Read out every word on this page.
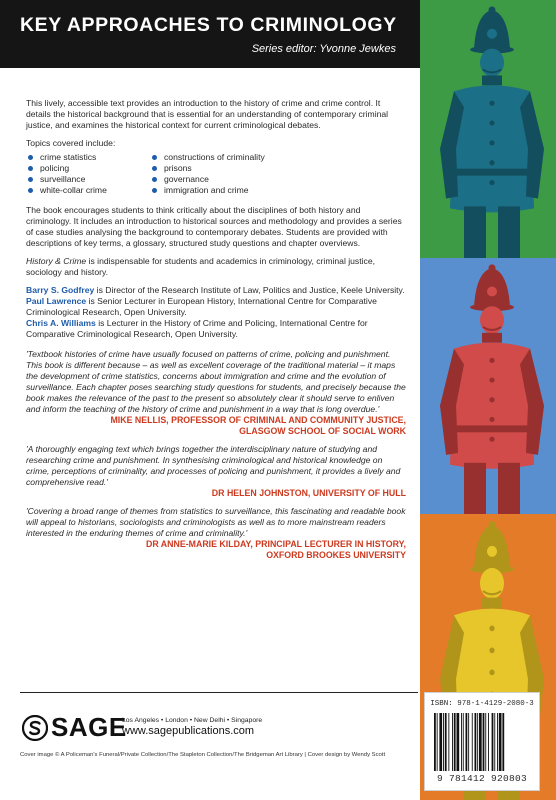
KEY APPROACHES TO CRIMINOLOGY
Series editor: Yvonne Jewkes

This lively, accessible text provides an introduction to the history of crime and crime control. It details the historical background that is essential for an understanding of contemporary criminal justice, and examines the historical context for current criminological debates.

Topics covered include:

crime statistics
policing
surveillance
white-collar crime
constructions of criminality
prisons
governance
immigration and crime

The book encourages students to think critically about the disciplines of both history and criminology. It includes an introduction to historical sources and methodology and provides a series of case studies analysing the background to contemporary debates. Students are provided with descriptions of key terms, a glossary, structured study questions and chapter overviews.

History & Crime is indispensable for students and academics in criminology, criminal justice, sociology and history.

Barry S. Godfrey is Director of the Research Institute of Law, Politics and Justice, Keele University.

Paul Lawrence is Senior Lecturer in European History, International Centre for Comparative Criminological Research, Open University.

Chris A. Williams is Lecturer in the History of Crime and Policing, International Centre for Comparative Criminological Research, Open University.

'Textbook histories of crime have usually focused on patterns of crime, policing and punishment. This book is different because – as well as excellent coverage of the traditional material – it maps the development of crime statistics, concerns about immigration and crime and the evolution of surveillance. Each chapter poses searching study questions for students, and precisely because the book makes the relevance of the past to the present so absolutely clear it should serve to enliven and inform the teaching of the history of crime and punishment in a way that is long overdue.'

MIKE NELLIS, PROFESSOR OF CRIMINAL AND COMMUNITY JUSTICE,
GLASGOW SCHOOL OF SOCIAL WORK

'A thoroughly engaging text which brings together the interdisciplinary nature of studying and researching crime and punishment. In synthesising criminological and historical knowledge on crime, perceptions of criminality, and processes of policing and punishment, it provides a lively and comprehensive read.'

DR HELEN JOHNSTON, UNIVERSITY OF HULL

'Covering a broad range of themes from statistics to surveillance, this fascinating and readable book will appeal to historians, sociologists and criminologists as well as to more mainstream readers interested in the enduring themes of crime and criminality.'

DR ANNE-MARIE KILDAY, PRINCIPAL LECTURER IN HISTORY,
OXFORD BROOKES UNIVERSITY
SAGE
Los Angeles • London • New Delhi • Singapore
www.sagepublications.com
Cover image © A Policeman's Funeral/Private Collection/The Stapleton Collection/The Bridgeman Art Library | Cover design by Wendy Scott
ISBN: 978-1-4129-2080-3
9 781412 920803
